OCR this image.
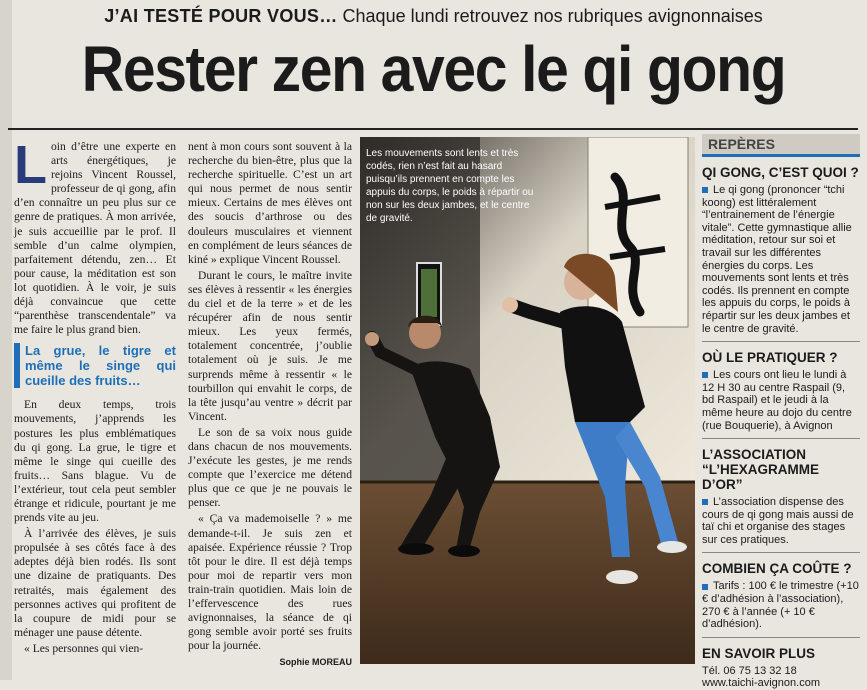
J’AI TESTÉ POUR VOUS… Chaque lundi retrouvez nos rubriques avignonnaises
Rester zen avec le qi gong

Loin d’être une experte en arts énergétiques, je rejoins Vincent Roussel, professeur de qi gong, afin d’en connaître un peu plus sur ce genre de pratiques. À mon arrivée, je suis accueillie par le prof. Il semble d’un calme olympien, parfaitement détendu, zen… Et pour cause, la méditation est son lot quotidien. À le voir, je suis déjà convaincue que cette “parenthèse transcendentale” va me faire le plus grand bien.

La grue, le tigre et même le singe qui cueille des fruits…

En deux temps, trois mouvements, j’apprends les postures les plus emblématiques du qi gong. La grue, le tigre et même le singe qui cueille des fruits… Sans blague. Vu de l’extérieur, tout cela peut sembler étrange et ridicule, pourtant je me prends vite au jeu.

À l’arrivée des élèves, je suis propulsée à ses côtés face à des adeptes déjà bien rodés. Ils sont une dizaine de pratiquants. Des retraités, mais également des personnes actives qui profitent de la coupure de midi pour se ménager une pause détente.

« Les personnes qui vien-

nent à mon cours sont souvent à la recherche du bien-être, plus que la recherche spirituelle. C’est un art qui nous permet de nous sentir mieux. Certains de mes élèves ont des soucis d’arthrose ou des douleurs musculaires et viennent en complément de leurs séances de kiné » explique Vincent Roussel.

Durant le cours, le maître invite ses élèves à ressentir « les énergies du ciel et de la terre » et de les récupérer afin de nous sentir mieux. Les yeux fermés, totalement concentrée, j’oublie totalement où je suis. Je me surprends même à ressentir « le tourbillon qui envahit le corps, de la tête jusqu’au ventre » décrit par Vincent.

Le son de sa voix nous guide dans chacun de nos mouvements. J’exécute les gestes, je me rends compte que l’exercice me détend plus que ce que je ne pouvais le penser.

« Ça va mademoiselle ? » me demande-t-il. Je suis zen et apaisée. Expérience réussie ? Trop tôt pour le dire. Il est déjà temps pour moi de repartir vers mon train-train quotidien. Mais loin de l’effervescence des rues avignonnaises, la séance de qi gong semble avoir porté ses fruits pour la journée.

Sophie MOREAU
Les mouvements sont lents et très codés, rien n’est fait au hasard puisqu’ils prennent en compte les appuis du corps, le poids à répartir ou non sur les deux jambes, et le centre de gravité.
REPÈRES
QI GONG, C’EST QUOI ?

Le qi gong (prononcer “tchi koong) est littéralement “l’entrainement de l’énergie vitale”. Cette gymnastique allie méditation, retour sur soi et travail sur les différentes énergies du corps. Les mouvements sont lents et très codés. Ils prennent en compte les appuis du corps, le poids à répartir sur les deux jambes et le centre de gravité.

OÙ LE PRATIQUER ?

Les cours ont lieu le lundi à 12 H 30 au centre Raspail (9, bd Raspail) et le jeudi à la même heure au dojo du centre (rue Bouquerie), à Avignon

L’ASSOCIATION “L’HEXAGRAMME D’OR”

L’association dispense des cours de qi gong mais aussi de taï chi et organise des stages sur ces pratiques.

COMBIEN ÇA COÛTE ?

Tarifs : 100 € le trimestre (+10 € d’adhésion à l’association), 270 € à l’année (+ 10 € d’adhésion).

EN SAVOIR PLUS

Tél. 06 75 13 32 18

www.taichi-avignon.com
